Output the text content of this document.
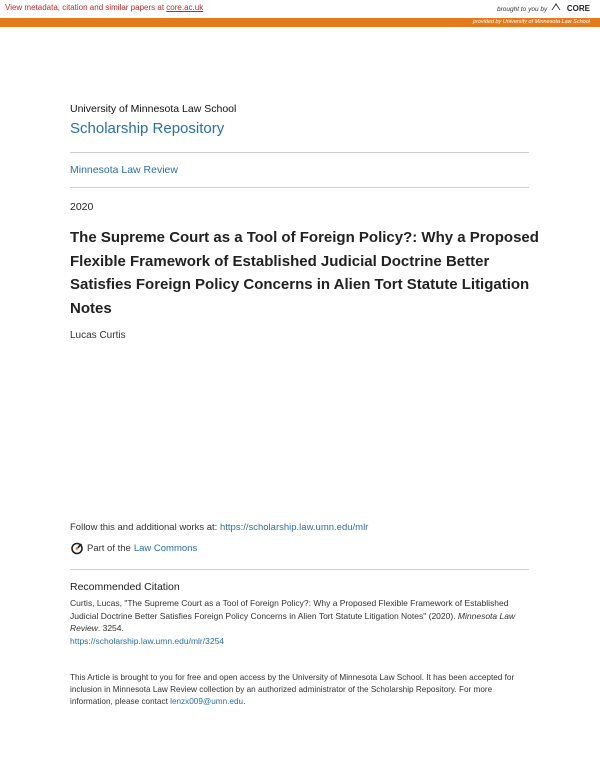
View metadata, citation and similar papers at core.ac.uk	brought to you by CORE
provided by University of Minnesota Law School
University of Minnesota Law School
Scholarship Repository
Minnesota Law Review
2020
The Supreme Court as a Tool of Foreign Policy?: Why a Proposed Flexible Framework of Established Judicial Doctrine Better Satisfies Foreign Policy Concerns in Alien Tort Statute Litigation Notes
Lucas Curtis
Follow this and additional works at: https://scholarship.law.umn.edu/mlr
Part of the Law Commons
Recommended Citation
Curtis, Lucas, "The Supreme Court as a Tool of Foreign Policy?: Why a Proposed Flexible Framework of Established Judicial Doctrine Better Satisfies Foreign Policy Concerns in Alien Tort Statute Litigation Notes" (2020). Minnesota Law Review. 3254.
https://scholarship.law.umn.edu/mlr/3254
This Article is brought to you for free and open access by the University of Minnesota Law School. It has been accepted for inclusion in Minnesota Law Review collection by an authorized administrator of the Scholarship Repository. For more information, please contact lenzx009@umn.edu.
